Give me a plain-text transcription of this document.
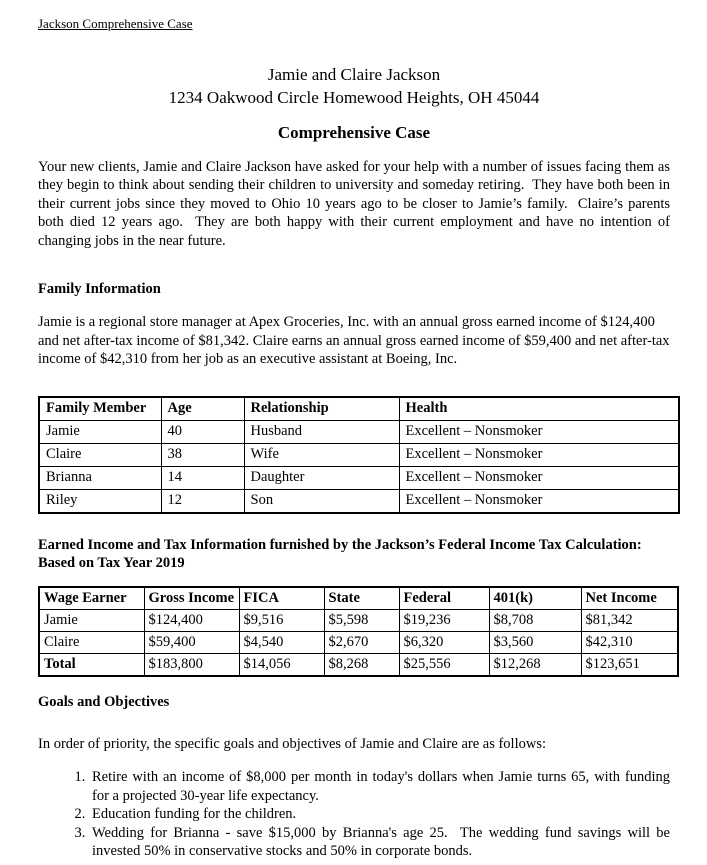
Jackson Comprehensive Case
Jamie and Claire Jackson
1234 Oakwood Circle Homewood Heights, OH 45044
Comprehensive Case

Your new clients, Jamie and Claire Jackson have asked for your help with a number of issues facing them as they begin to think about sending their children to university and someday retiring.  They have both been in their current jobs since they moved to Ohio 10 years ago to be closer to Jamie’s family.  Claire’s parents both died 12 years ago.  They are both happy with their current employment and have no intention of changing jobs in the near future.

Family Information

Jamie is a regional store manager at Apex Groceries, Inc. with an annual gross earned income of $124,400 and net after-tax income of $81,342. Claire earns an annual gross earned income of $59,400 and net after-tax income of $42,310 from her job as an executive assistant at Boeing, Inc.

Family Member	Age	Relationship	Health
Jamie	40	Husband	Excellent – Nonsmoker
Claire	38	Wife	Excellent – Nonsmoker
Brianna	14	Daughter	Excellent – Nonsmoker
Riley	12	Son	Excellent – Nonsmoker
Earned Income and Tax Information furnished by the Jackson’s Federal Income Tax Calculation:
Based on Tax Year 2019
Wage Earner	Gross Income	FICA	State	Federal	401(k)	Net Income
Jamie	$124,400	$9,516	$5,598	$19,236	$8,708	$81,342
Claire	$59,400	$4,540	$2,670	$6,320	$3,560	$42,310
Total	$183,800	$14,056	$8,268	$25,556	$12,268	$123,651
Goals and Objectives

In order of priority, the specific goals and objectives of Jamie and Claire are as follows:

1. Retire with an income of $8,000 per month in today's dollars when Jamie turns 65, with funding for a projected 30-year life expectancy.
2. Education funding for the children.
3. Wedding for Brianna - save $15,000 by Brianna's age 25.  The wedding fund savings will be invested 50% in conservative stocks and 50% in corporate bonds.
